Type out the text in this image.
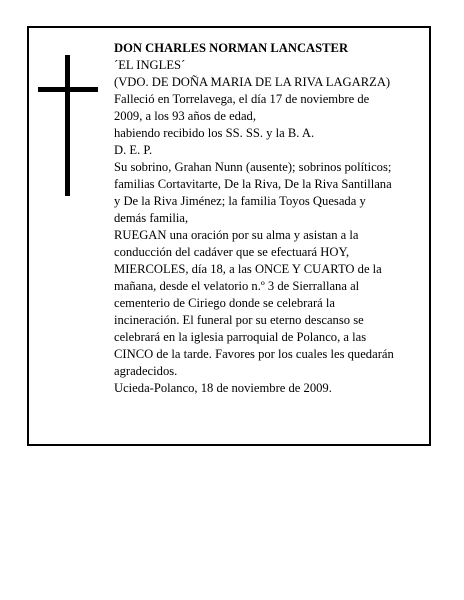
DON CHARLES NORMAN LANCASTER
´EL INGLES´
(VDO. DE DOÑA MARIA DE LA RIVA LAGARZA)
Falleció en Torrelavega, el día 17 de noviembre de
2009, a los 93 años de edad,
habiendo recibido los SS. SS. y la B. A.
D. E. P.
Su sobrino, Grahan Nunn (ausente); sobrinos políticos;
familias Cortavitarte, De la Riva, De la Riva Santillana
y De la Riva Jiménez; la familia Toyos Quesada y
demás familia,
RUEGAN una oración por su alma y asistan a la
conducción del cadáver que se efectuará HOY,
MIERCOLES, día 18, a las ONCE Y CUARTO de la
mañana, desde el velatorio n.º 3 de Sierrallana al
cementerio de Ciriego donde se celebrará la
incineración. El funeral por su eterno descanso se
celebrará en la iglesia parroquial de Polanco, a las
CINCO de la tarde. Favores por los cuales les quedarán
agradecidos.
Ucieda-Polanco, 18 de noviembre de 2009.
